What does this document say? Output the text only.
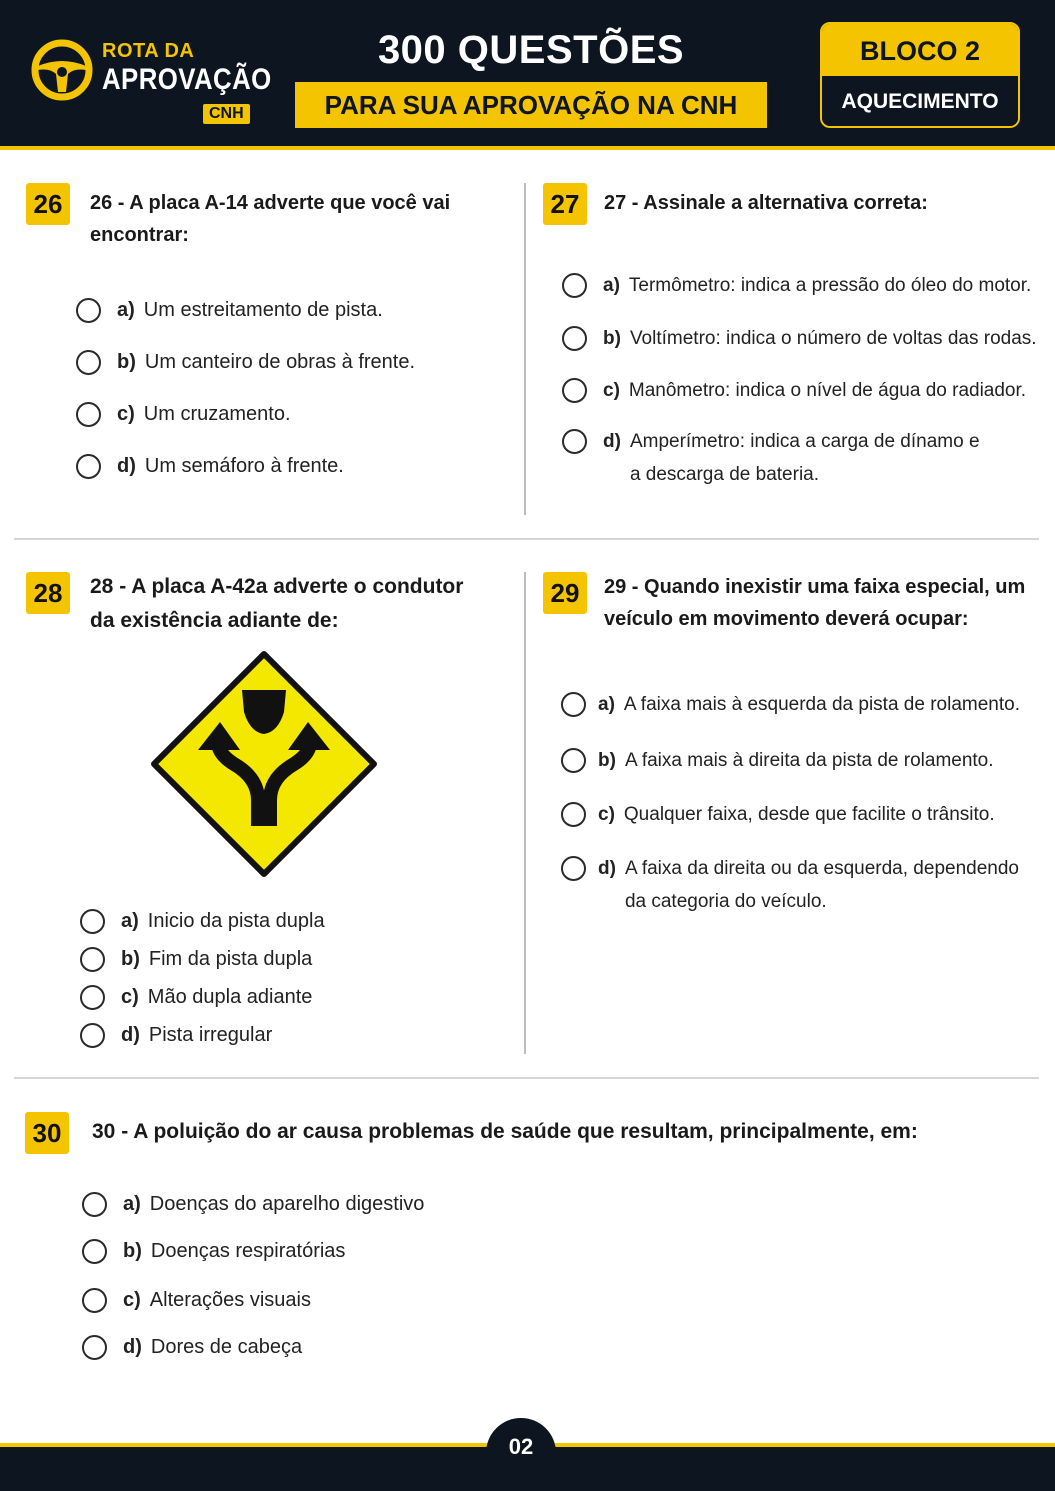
ROTA DA
APROVAÇÃO
CNH
300 QUESTÕES
PARA SUA APROVAÇÃO NA CNH
BLOCO 2
AQUECIMENTO
26	26 - A placa A-14 adverte que você vai
encontrar:
a) Um estreitamento de pista.
b) Um canteiro de obras à frente.
c) Um cruzamento.
d) Um semáforo à frente.
27	27 - Assinale a alternativa correta:
a) Termômetro: indica a pressão do óleo do motor.
b) Voltímetro: indica o número de voltas das rodas.
c) Manômetro: indica o nível de água do radiador.
d) Amperímetro: indica a carga de dínamo e
a descarga de bateria.
28	28 - A placa A-42a adverte o condutor
da existência adiante de:
a) Inicio da pista dupla
b) Fim da pista dupla
c) Mão dupla adiante
d) Pista irregular
29	29 - Quando inexistir uma faixa especial, um
veículo em movimento deverá ocupar:
a) A faixa mais à esquerda da pista de rolamento.
b) A faixa mais à direita da pista de rolamento.
c) Qualquer faixa, desde que facilite o trânsito.
d) A faixa da direita ou da esquerda, dependendo
da categoria do veículo.
30	30 - A poluição do ar causa problemas de saúde que resultam, principalmente, em:
a) Doenças do aparelho digestivo
b) Doenças respiratórias
c) Alterações visuais
d) Dores de cabeça
02
